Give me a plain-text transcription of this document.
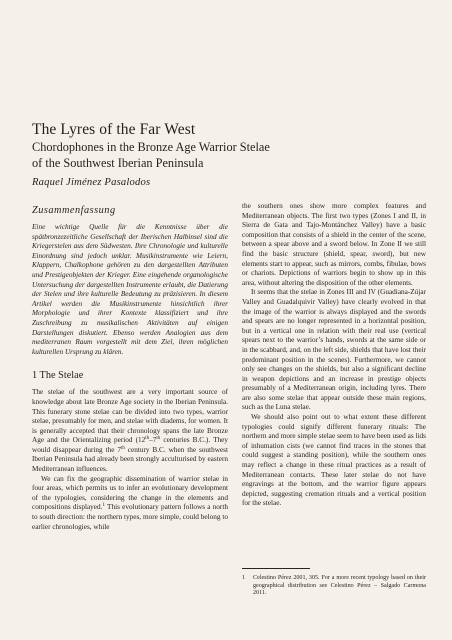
The Lyres of the Far West
Chordophones in the Bronze Age Warrior Stelae
of the Southwest Iberian Peninsula
Raquel Jiménez Pasalodos
Zusammenfassung

Eine wichtige Quelle für die Kenntnisse über die spätbronzezeitliche Gesellschaft der Iberischen Halbinsel sind die Kriegerstelen aus dem Südwesten. Ihre Chronologie und kulturelle Einordnung sind jedoch unklar. Musikinstrumente wie Leiern, Klappern, Chalkophone gehören zu den dargestellten Attributen und Prestigeobjekten der Krieger. Eine eingehende organologische Untersuchung der dargestellten Instrumente erlaubt, die Datierung der Stelen und ihre kulturelle Bedeutung zu präzisieren. In diesem Artikel werden die Musikinstrumente hinsichtlich ihrer Morphologie und ihrer Kontexte klassifiziert und ihre Zuschreibung zu musikalischen Aktivitäten auf einigen Darstellungen diskutiert. Ebenso werden Analogien aus dem mediterranen Raum vorgestellt mit dem Ziel, ihren möglichen kulturellen Ursprung zu klären.

1 The Stelae

The stelae of the southwest are a very important source of knowledge about late Bronze Age society in the Iberian Peninsula. This funerary stone stelae can be divided into two types, warrior stelae, presumably for men, and stelae with diadems, for women. It is generally accepted that their chronology spans the late Bronze Age and the Orientalizing period (12th–7th centuries B.C.). They would disappear during the 7th century B.C. when the southwest Iberian Peninsula had already been strongly acculturised by eastern Mediterranean influences.

We can fix the geographic dissemination of warrior stelae in four areas, which permits us to infer an evolutionary development of the typologies, considering the change in the elements and compositions displayed.$^1$ This evolutionary pattern follows a north to south direction: the northern types, more simple, could belong to earlier chronologies, while

the southern ones show more complex features and Mediterranean objects. The first two types (Zones I and II, in Sierra de Gata and Tajo-Montánchez Valley) have a basic composition that consists of a shield in the center of the scene, between a spear above and a sword below. In Zone II we still find the basic structure (shield, spear, sword), but new elements start to appear, such as mirrors, combs, fibulae, bows or chariots. Depictions of warriors begin to show up in this area, without altering the disposition of the other elements.

It seems that the stelae in Zones III and IV (Guadiana-Zújar Valley and Guadalquivir Valley) have clearly evolved in that the image of the warrior is always displayed and the swords and spears are no longer represented in a horizontal position, but in a vertical one in relation with their real use (vertical spears next to the warrior’s hands, swords at the same side or in the scabbard, and, on the left side, shields that have lost their predominant position in the scenes). Furthermore, we cannot only see changes on the shields, but also a significant decline in weapon depictions and an increase in prestige objects presumably of a Mediterranean origin, including lyres. There are also some stelae that appear outside these main regions, such as the Luna stelae.

We should also point out to what extent these different typologies could signify different funerary rituals: The northern and more simple stelae seem to have been used as lids of inhumation cists (we cannot find traces in the stones that could suggest a standing position), while the southern ones may reflect a change in these ritual practices as a result of Mediterranean contacts. These later stelae do not have engravings at the bottom, and the warrior figure appears depicted, suggesting cremation rituals and a vertical position for the stelae.

1	Celestino Pérez 2001, 305. For a more recent typology based on their geographical distribution see Celestino Pérez – Salgado Carmona 2011.
